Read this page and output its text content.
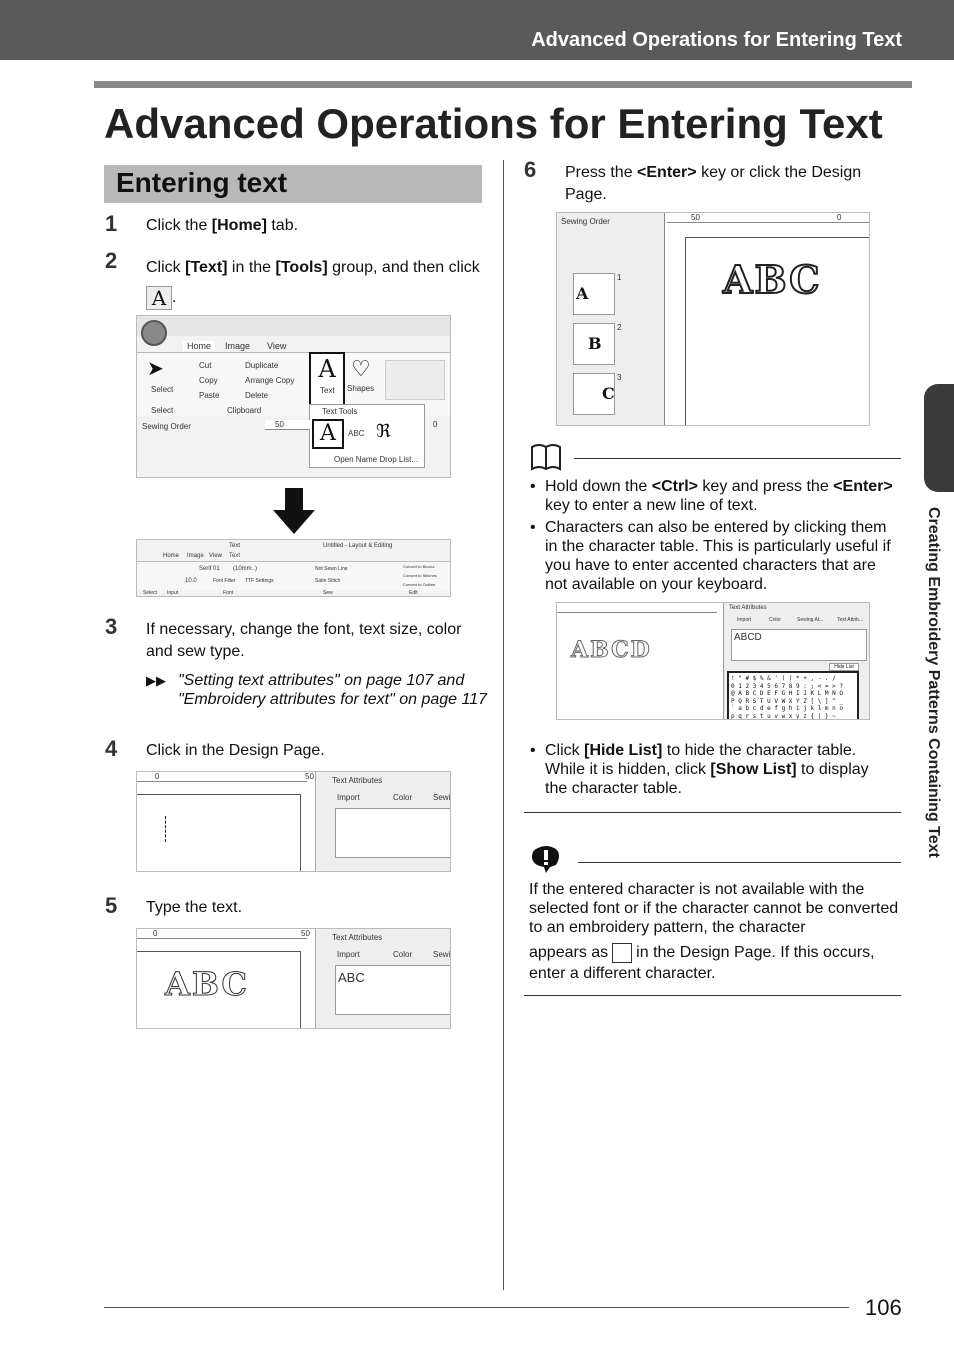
Advanced Operations for Entering Text
Advanced Operations for Entering Text
Entering text
1 Click the [Home] tab.
2 Click [Text] in the [Tools] group, and then click A .
Home	Image View
➤
Select
Cut
Copy
Paste
Duplicate
Arrange Copy
Delete
Select	Clipboard
A
Text
♡
Shapes
Text Tools
A	ABC ℜ
Open Name Drop List...
Sewing Order	50	0
Untitled - Layout & Editing
Text
Home Image View Text
Serif 01 (10mm..)
10.0	Font Filter TTF Settings
Not Sewn Line
Satin Stitch
Convert to Blocks
Convert to Stitches
Convert to Outline
Select Input	Font	Sew	Edit
3 If necessary, change the font, text size, color and sew type.
▶▶ "Setting text attributes" on page 107 and "Embroidery attributes for text" on page 117
4 Click in the Design Page.
0	50 Text Attributes
Import	Color	Sewi
5 Type the text.
0	50
ABC
Text Attributes
Import	Color	Sewi
ABC
6 Press the <Enter> key or click the Design Page.
Sewing Order
A
1
B
2
C
3
50	0
ABC
• Hold down the <Ctrl> key and press the <Enter> key to enter a new line of text.
• Characters can also be entered by clicking them in the character table. This is particularly useful if you have to enter accented characters that are not available on your keyboard.
ABCD
Text Attributes
Import	Color	Sewing At...	Text Attrib...
ABCD
Hide List
! " # $ % & ' ( ) * + , - . /
0 1 2 3 4 5 6 7 8 9 : ; < = > ?
@ A B C D E F G H I J K L M N O
P Q R S T U V W X Y Z [ \ ] ^ _
` a b c d e f g h i j k l m n o
p q r s t u v w x y z { | } ~
• Click [Hide List] to hide the character table. While it is hidden, click [Show List] to display the character table.
If the entered character is not available with the selected font or if the character cannot be converted to an embroidery pattern, the character
appears as in the Design Page. If this occurs, enter a different character.
Creating Embroidery Patterns Containing Text
106
